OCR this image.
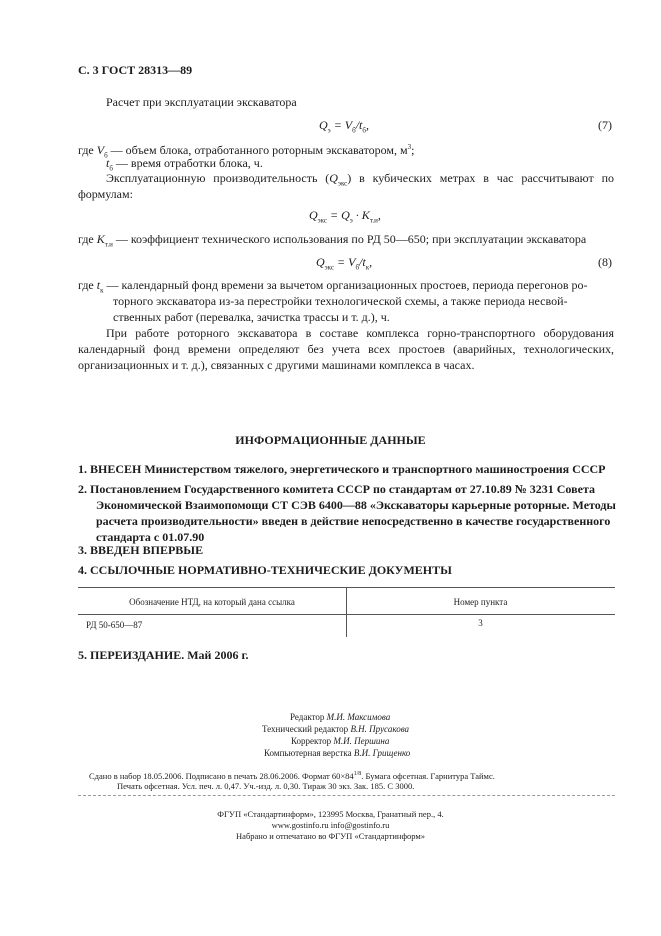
С. 3 ГОСТ 28313—89
Расчет при эксплуатации экскаватора
$Q_э = V_б/t_б$,	(7)
где $V_б$ — объем блока, отработанного роторным экскаватором, $м^3$;
$t_б$ — время отработки блока, ч.
Эксплуатационную производительность $(Q_{экс})$ в кубических метрах в час рассчитывают по
формулам:
$Q_{экс} = Q_э \cdot K_{т.и}$,
где $K_{т.и}$ — коэффициент технического использования по РД 50—650; при эксплуатации экскаватора
$Q_{экс} = V_б/t_к$,	(8)
где $t_к$ — календарный фонд времени за вычетом организационных простоев, периода перегонов ро-
торного экскаватора из-за перестройки технологической схемы, а также периода несвой-
ственных работ (перевалка, зачистка трассы и т. д.), ч.
При работе роторного экскаватора в составе комплекса горно-транспортного оборудования
календарный фонд времени определяют без учета всех простоев (аварийных, технологических,
организационных и т. д.), связанных с другими машинами комплекса в часах.
ИНФОРМАЦИОННЫЕ ДАННЫЕ
1. ВНЕСЕН Министерством тяжелого, энергетического и транспортного машиностроения СССР
2. Постановлением Государственного комитета СССР по стандартам от 27.10.89 № 3231 Совета
Экономической Взаимопомощи СТ СЭВ 6400—88 «Экскаваторы карьерные роторные. Методы
расчета производительности» введен в действие непосредственно в качестве государственного
стандарта с 01.07.90
3. ВВЕДЕН ВПЕРВЫЕ
4. ССЫЛОЧНЫЕ НОРМАТИВНО-ТЕХНИЧЕСКИЕ ДОКУМЕНТЫ
Обозначение НТД, на который дана ссылка	Номер пункта
РД 50-650—87	3
5. ПЕРЕИЗДАНИЕ. Май 2006 г.
Редактор М.И. Максимова
Технический редактор В.Н. Прусакова
Корректор М.И. Першина
Компьютерная верстка В.И. Грищенко
Сдано в набор 18.05.2006. Подписано в печать 28.06.2006. Формат $60\times 84^{1/8}$. Бумага офсетная. Гарнитура Таймс.
Печать офсетная. Усл. печ. л. 0,47. Уч.-изд. л. 0,30. Тираж 30 экз. Зак. 185. С 3000.
ФГУП «Стандартинформ», 123995 Москва, Гранатный пер., 4.
www.gostinfo.ru info@gostinfo.ru
Набрано и отпечатано во ФГУП «Стандартинформ»
